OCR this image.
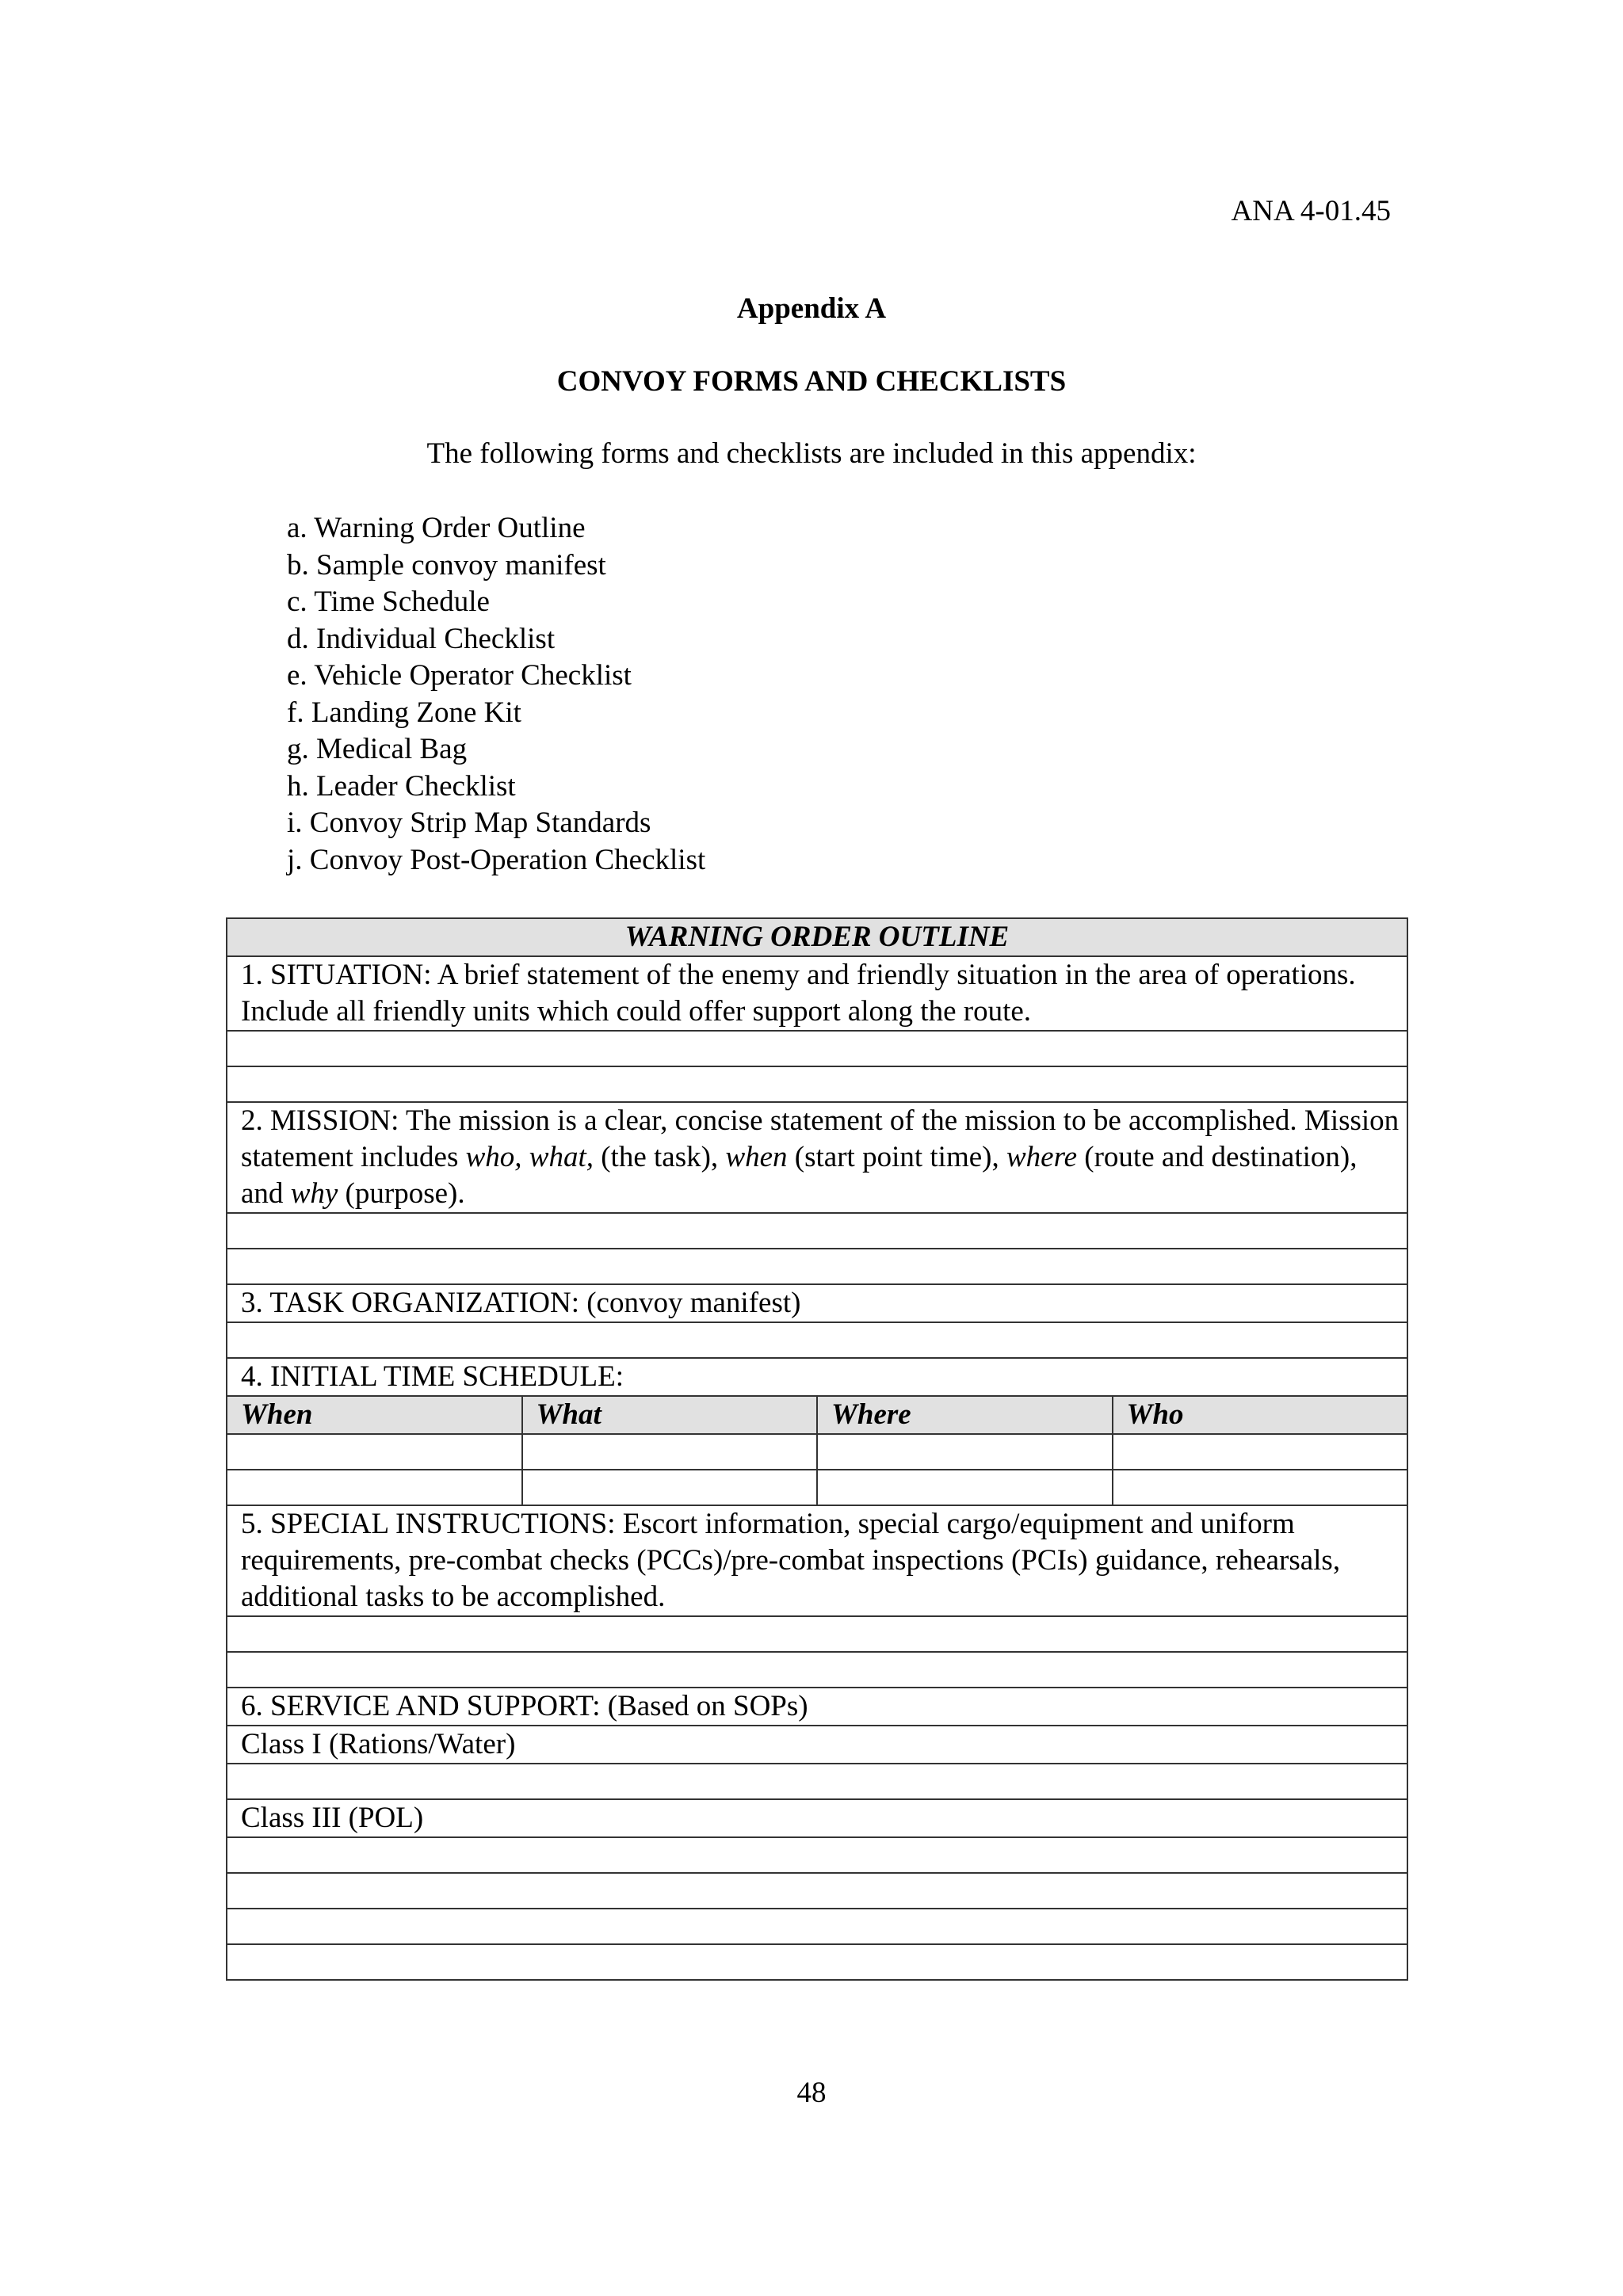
ANA 4-01.45
Appendix A
CONVOY FORMS AND CHECKLISTS
The following forms and checklists are included in this appendix:
a. Warning Order Outline
b. Sample convoy manifest
c. Time Schedule
d. Individual Checklist
e. Vehicle Operator Checklist
f. Landing Zone Kit
g. Medical Bag
h. Leader Checklist
i. Convoy Strip Map Standards
j. Convoy Post-Operation Checklist
WARNING ORDER OUTLINE			
1. SITUATION: A brief statement of the enemy and friendly situation in the area of operations. Include all friendly units which could offer support along the route.			

2. MISSION: The mission is a clear, concise statement of the mission to be accomplished. Mission statement includes who, what, (the task), when (start point time), where (route and destination), and why (purpose).			

3. TASK ORGANIZATION: (convoy manifest)			

4. INITIAL TIME SCHEDULE:			
When	What	Where	Who

5. SPECIAL INSTRUCTIONS: Escort information, special cargo/equipment and uniform requirements, pre-combat checks (PCCs)/pre-combat inspections (PCIs) guidance, rehearsals, additional tasks to be accomplished.			

6. SERVICE AND SUPPORT: (Based on SOPs)			
Class I (Rations/Water)			

Class III (POL)			

48
